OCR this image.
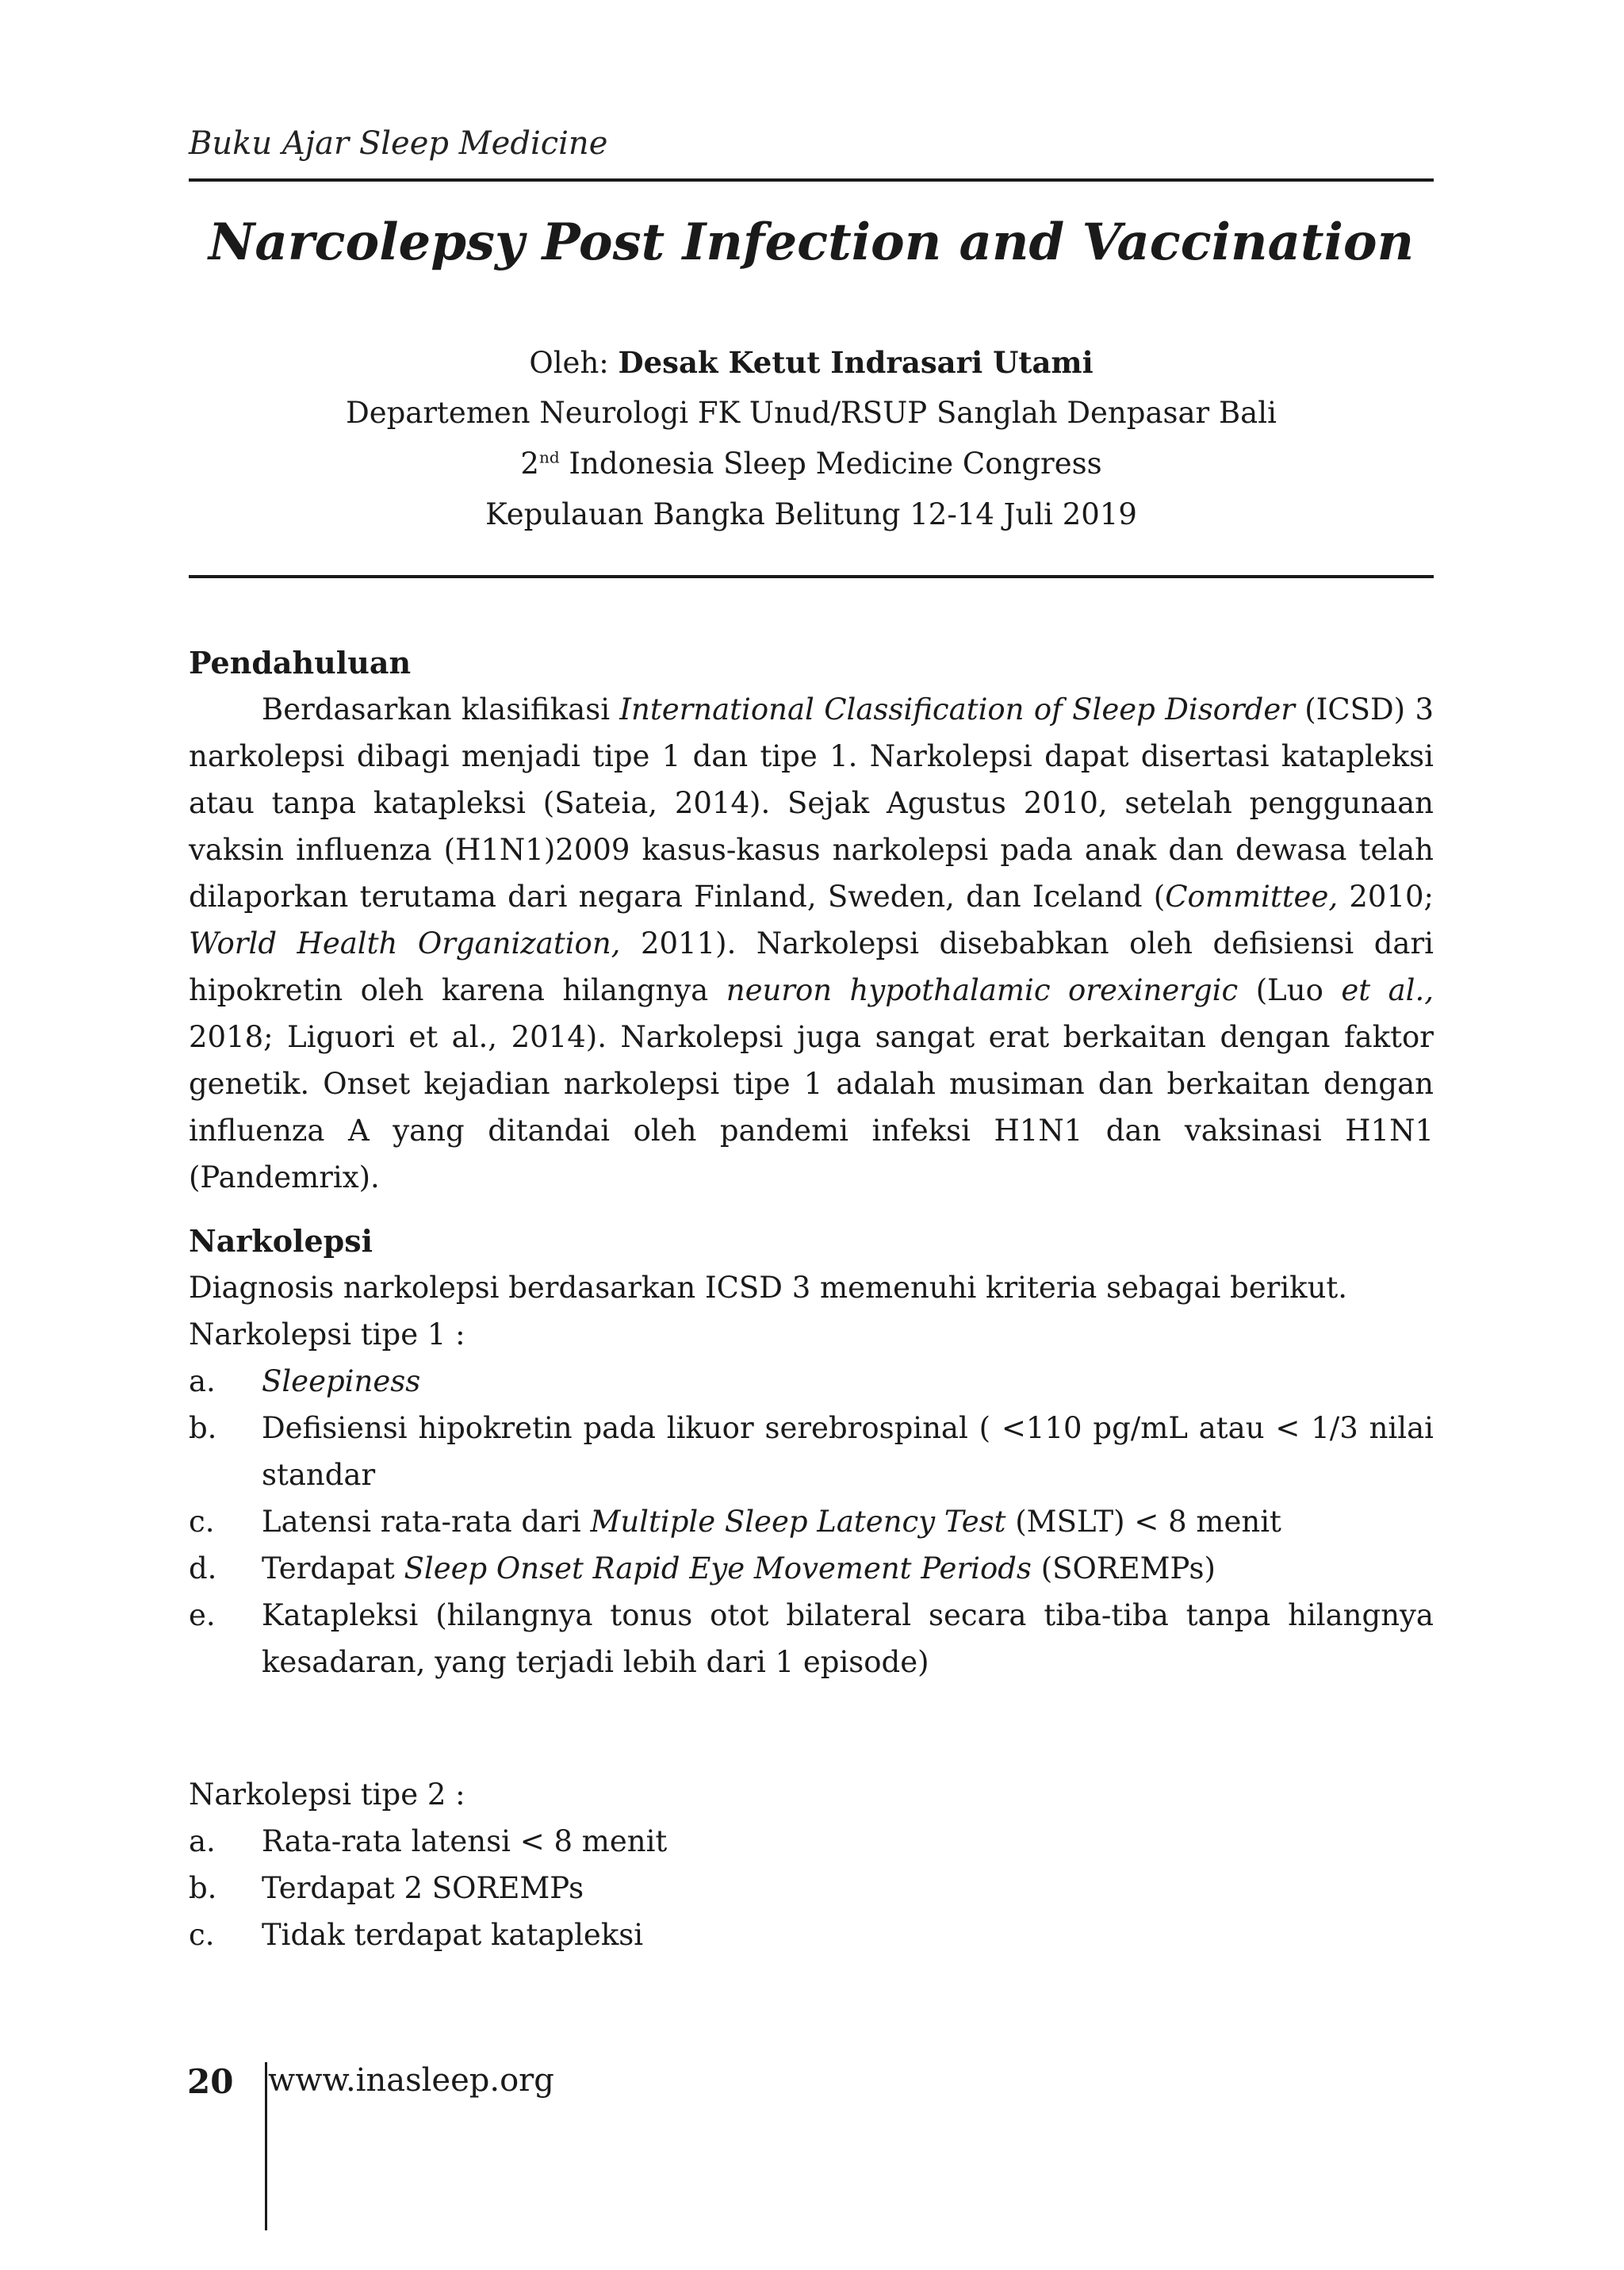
Buku Ajar Sleep Medicine
Narcolepsy Post Infection and Vaccination
Oleh: Desak Ketut Indrasari Utami
Departemen Neurologi FK Unud/RSUP Sanglah Denpasar Bali
2nd Indonesia Sleep Medicine Congress
Kepulauan Bangka Belitung 12-14 Juli 2019
Pendahuluan

Berdasarkan klasifikasi International Classification of Sleep Disorder (ICSD) 3 narkolepsi dibagi menjadi tipe 1 dan tipe 1. Narkolepsi dapat disertasi katapleksi atau tanpa katapleksi (Sateia, 2014). Sejak Agustus 2010, setelah penggunaan vaksin influenza (H1N1)2009 kasus-kasus narkolepsi pada anak dan dewasa telah dilaporkan terutama dari negara Finland, Sweden, dan Iceland (Committee, 2010; World Health Organization, 2011). Narkolepsi disebabkan oleh defisiensi dari hipokretin oleh karena hilangnya neuron hypothalamic orexinergic (Luo et al., 2018; Liguori et al., 2014). Narkolepsi juga sangat erat berkaitan dengan faktor genetik. Onset kejadian narkolepsi tipe 1 adalah musiman dan berkaitan dengan influenza A yang ditandai oleh pandemi infeksi H1N1 dan vaksinasi H1N1 (Pandemrix).

Narkolepsi

Diagnosis narkolepsi berdasarkan ICSD 3 memenuhi kriteria sebagai berikut.

Narkolepsi tipe 1 :

a.	Sleepiness
b.	Defisiensi hipokretin pada likuor serebrospinal ( <110 pg/mL atau < 1/3 nilai standar
c.	Latensi rata-rata dari Multiple Sleep Latency Test (MSLT) < 8 menit
d.	Terdapat Sleep Onset Rapid Eye Movement Periods (SOREMPs)
e.	Katapleksi (hilangnya tonus otot bilateral secara tiba-tiba tanpa hilangnya kesadaran, yang terjadi lebih dari 1 episode)

Narkolepsi tipe 2 :

a.	Rata-rata latensi < 8 menit
b.	Terdapat 2 SOREMPs
c.	Tidak terdapat katapleksi
20 www.inasleep.org
